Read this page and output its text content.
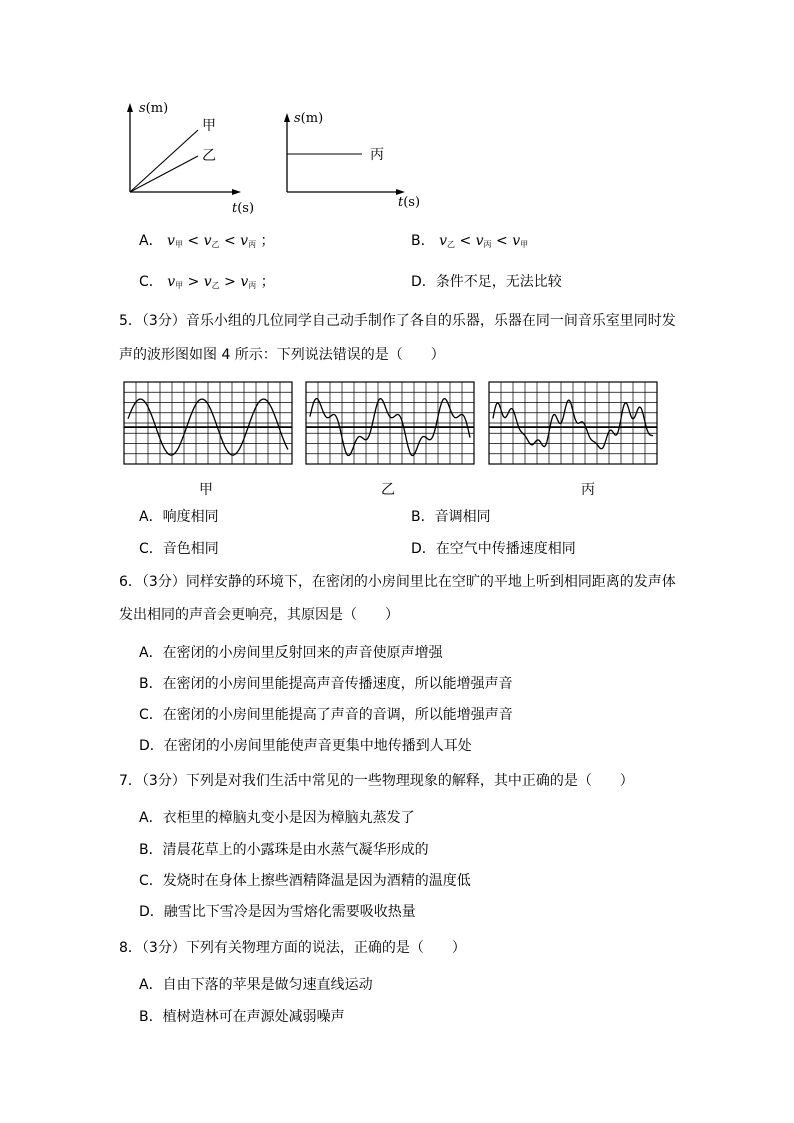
s(m)
t(s)
甲
乙
s(m)
t(s)
丙
A． $v_甲 < v_乙 < v_丙$ ；	B． $v_乙 < v_丙 < v_甲$
C． $v_甲 > v_乙 > v_丙$ ；	D．条件不足，无法比较
5．（3分）音乐小组的几位同学自己动手制作了各自的乐器，乐器在同一间音乐室里同时发
声的波形图如图 4 所示：下列说法错误的是（　　）
甲	乙	丙
A．响度相同	B．音调相同
C．音色相同	D．在空气中传播速度相同
6．（3分）同样安静的环境下，在密闭的小房间里比在空旷的平地上听到相同距离的发声体
发出相同的声音会更响亮，其原因是（　　）
A．在密闭的小房间里反射回来的声音使原声增强
B．在密闭的小房间里能提高声音传播速度，所以能增强声音
C．在密闭的小房间里能提高了声音的音调，所以能增强声音
D．在密闭的小房间里能使声音更集中地传播到人耳处
7．（3分）下列是对我们生活中常见的一些物理现象的解释，其中正确的是（　　）
A．衣柜里的樟脑丸变小是因为樟脑丸蒸发了
B．清晨花草上的小露珠是由水蒸气凝华形成的
C．发烧时在身体上擦些酒精降温是因为酒精的温度低
D．融雪比下雪冷是因为雪熔化需要吸收热量
8．（3分）下列有关物理方面的说法，正确的是（　　）
A．自由下落的苹果是做匀速直线运动
B．植树造林可在声源处减弱噪声
